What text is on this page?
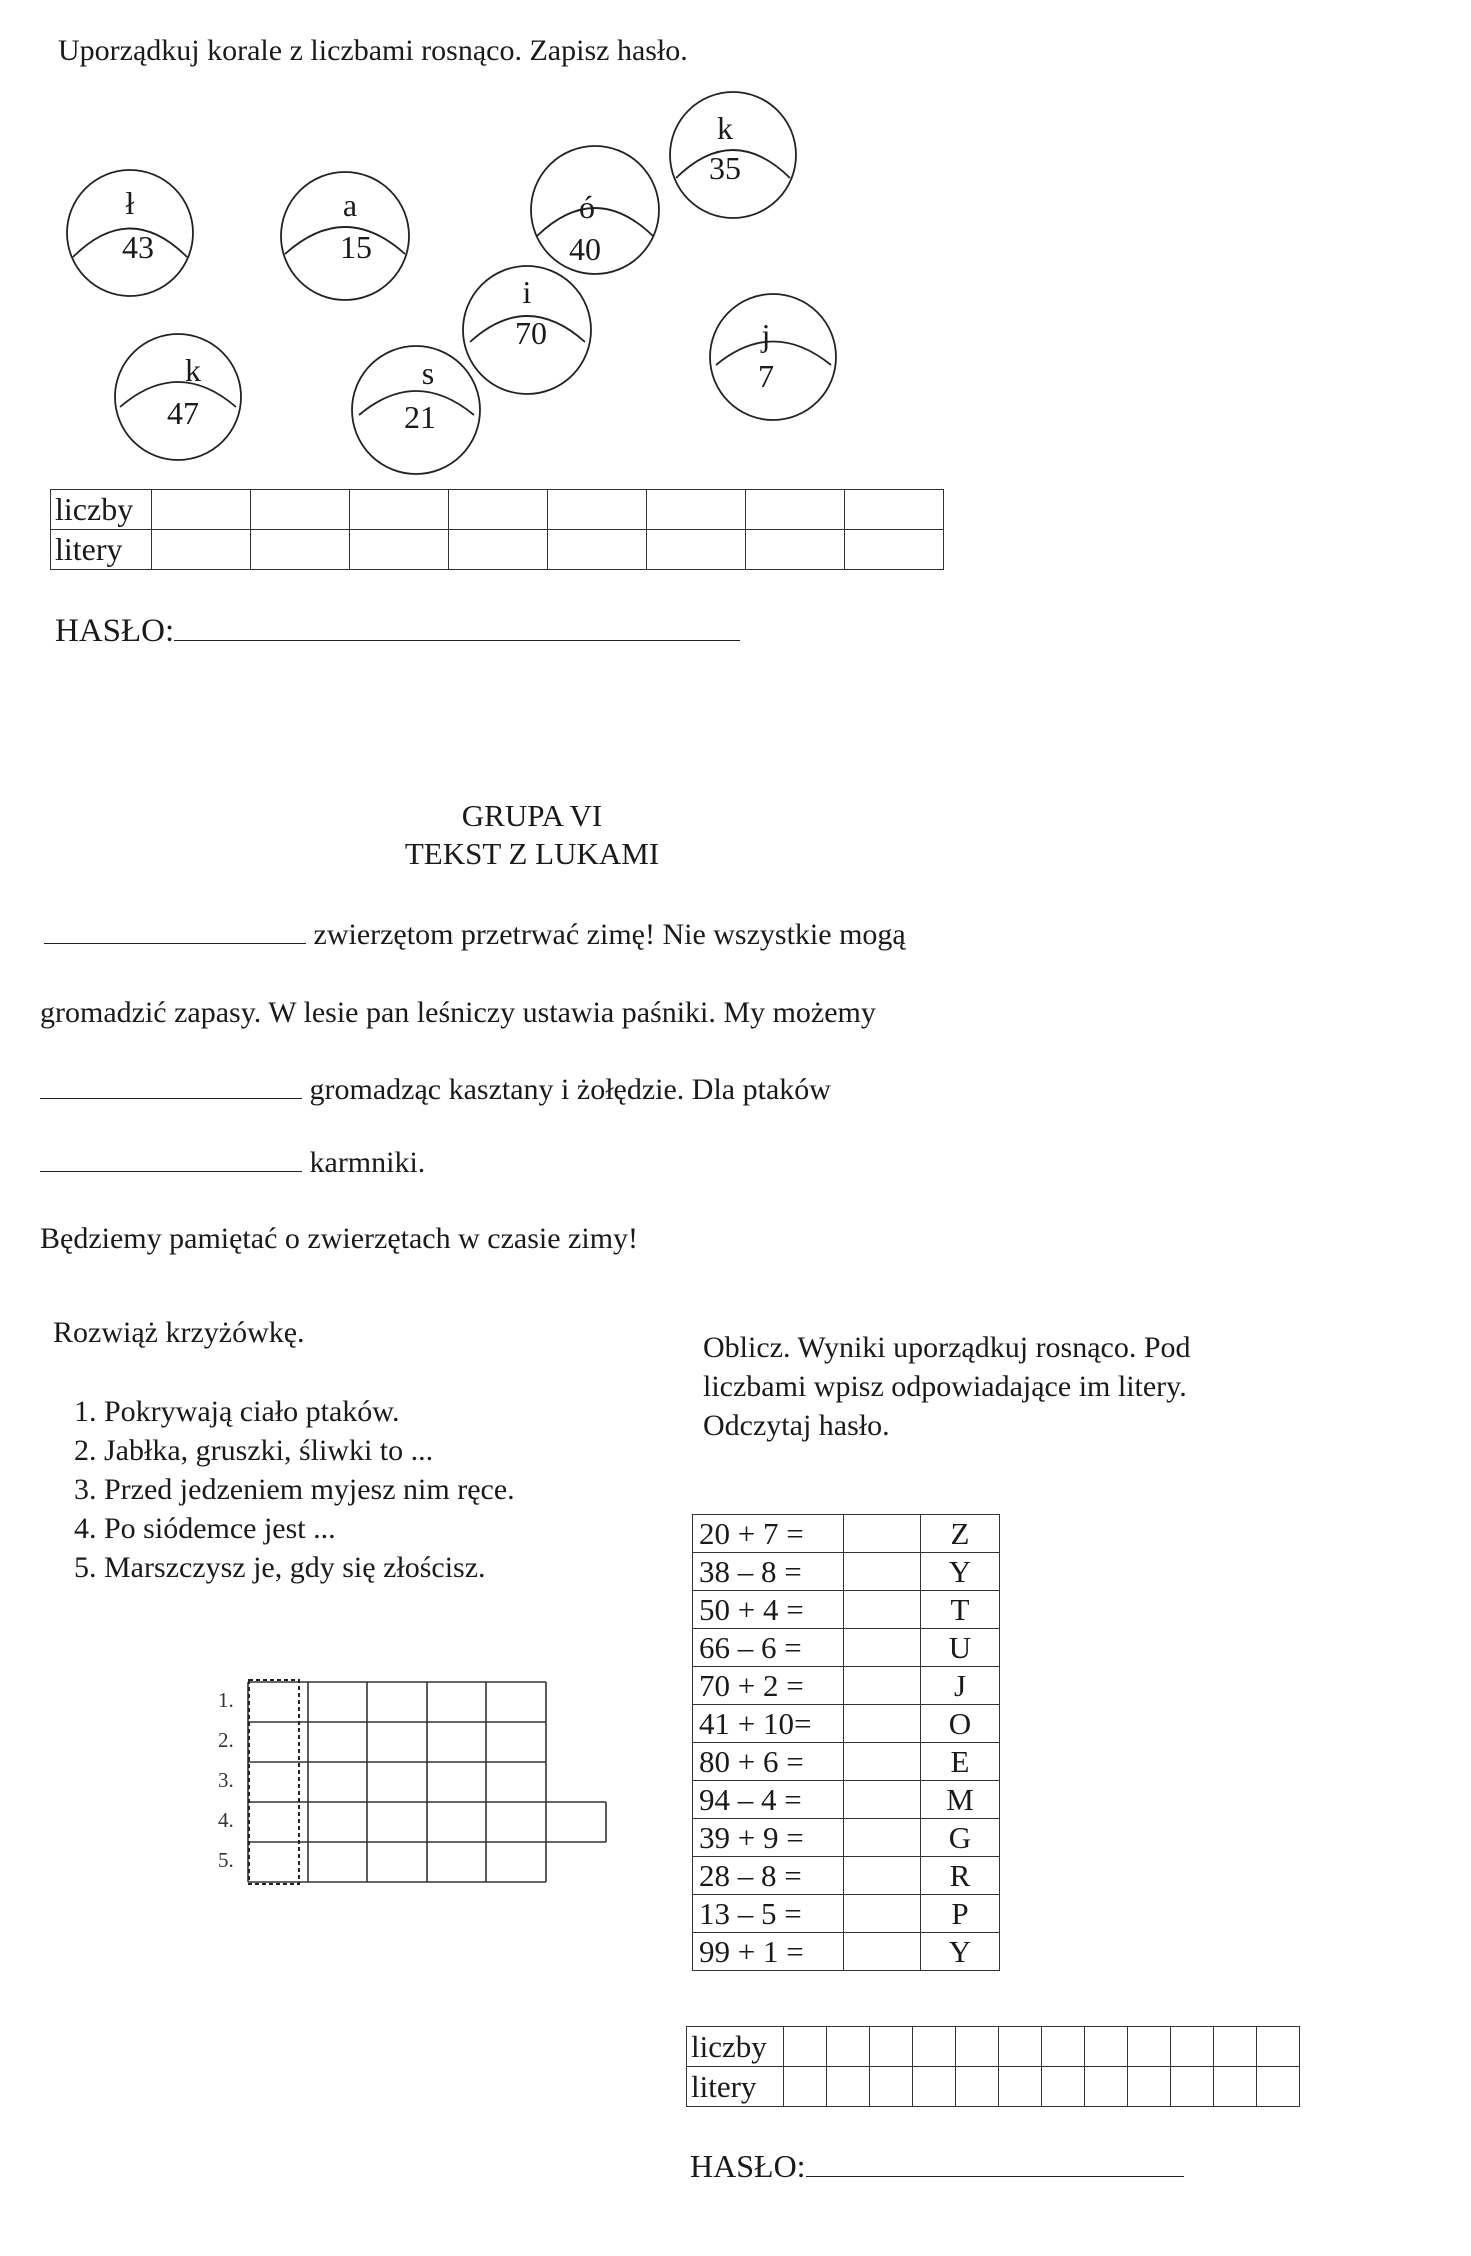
Uporządkuj korale z liczbami rosnąco. Zapisz hasło.
ł
43
a
15
ó
40
k
35
i
70	j
7
k
47
s
21
liczby								
litery								
HASŁO:
GRUPA VI
TEKST Z LUKAMI
zwierzętom przetrwać zimę! Nie wszystkie mogą
gromadzić zapasy. W lesie pan leśniczy ustawia paśniki. My możemy
gromadząc kasztany i żołędzie. Dla ptaków
karmniki.
Będziemy pamiętać o zwierzętach w czasie zimy!
Rozwiąż krzyżówkę.
1. Pokrywają ciało ptaków.
2. Jabłka, gruszki, śliwki to ...
3. Przed jedzeniem myjesz nim ręce.
4. Po siódemce jest ...
5. Marszczysz je, gdy się złościsz.
1.
2.
3.
4.
5.
Oblicz. Wyniki uporządkuj rosnąco. Pod
liczbami wpisz odpowiadające im litery.
Odczytaj hasło.
20 + 7 =		Z
38 – 8 =		Y
50 + 4 =		T
66 – 6 =		U
70 + 2 =		J
41 + 10=		O
80 + 6 =		E
94 – 4 =		M
39 + 9 =		G
28 – 8 =		R
13 – 5 =		P
99 + 1 =		Y
liczby												
litery												
HASŁO:
